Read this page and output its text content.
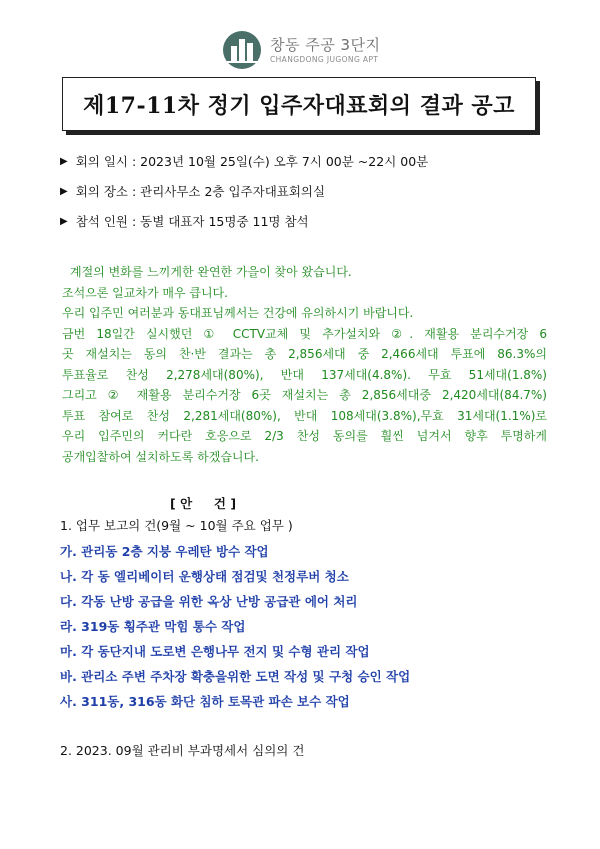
창동 주공 3단지
CHANGDONG JUGONG APT
제17-11차 정기 입주자대표회의 결과 공고
▶ 회의 일시 : 2023년 10월 25일(수) 오후 7시 00분 ~22시 00분
▶ 회의 장소 : 관리사무소 2층 입주자대표회의실
▶ 참석 인원 : 동별 대표자 15명중 11명 참석
계절의 변화를 느끼게한 완연한 가을이 찾아 왔습니다.
조석으론 일교차가 매우 큽니다.
우리 입주민 여러분과 동대표님께서는 건강에 유의하시기 바랍니다.
금번 18일간 실시했던 ① CCTV교체 및 추가설치와 ②. 재활용 분리수거장 6
곳 재설치는 동의 찬·반 결과는 총 2,856세대 중 2,466세대 투표에 86.3%의
투표율로 찬성 2,278세대(80%), 반대 137세대(4.8%). 무효 51세대(1.8%)
그리고 ② 재활용 분리수거장 6곳 재설치는 총 2,856세대중 2,420세대(84.7%)
투표 참여로 찬성 2,281세대(80%), 반대 108세대(3.8%),무효 31세대(1.1%)로
우리 입주민의 커다란 호응으로 2/3 찬성 동의를 훨씬 넘겨서 향후 투명하게
공개입찰하여 설치하도록 하겠습니다.
[ 안     건 ]
1. 업무 보고의 건(9월 ~ 10월 주요 업무 )
가. 관리동 2층 지붕 우레탄 방수 작업
나. 각 동 엘리베이터 운행상태 점검및 천정루버 청소
다. 각동 난방 공급을 위한 옥상 난방 공급관 에어 처리
라. 319동 횡주관 막힘 통수 작업
마. 각 동단지내 도로변 은행나무 전지 및 수형 관리 작업
바. 관리소 주변 주차장 확충을위한 도면 작성 및 구청 승인 작업
사. 311동, 316동 화단 침하 토목관 파손 보수 작업
2. 2023. 09월 관리비 부과명세서 심의의 건
